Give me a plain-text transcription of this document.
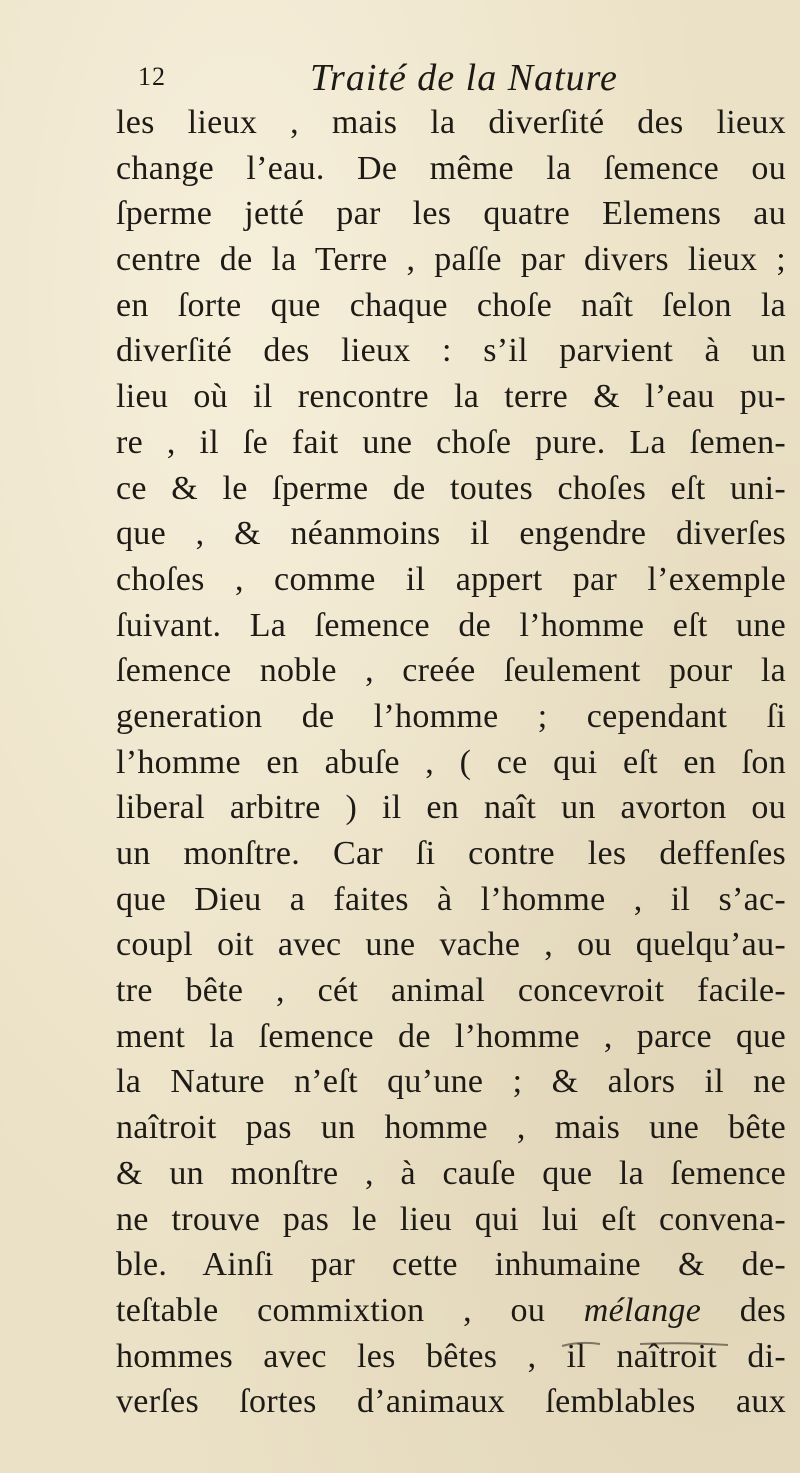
12	Traité de la Nature
les lieux , mais la diverſité des lieux
change l’eau. De même la ſemence ou
ſperme jetté par les quatre Elemens au
centre de la Terre , paſſe par divers lieux ;
en ſorte que chaque choſe naît ſelon la
diverſité des lieux : s’il parvient à un
lieu où il rencontre la terre & l’eau pu-
re , il ſe fait une choſe pure. La ſemen-
ce & le ſperme de toutes choſes eſt uni-
que , & néanmoins il engendre diverſes
choſes , comme il appert par l’exemple
ſuivant. La ſemence de l’homme eſt une
ſemence noble , creée ſeulement pour la
generation de l’homme ; cependant ſi
l’homme en abuſe , ( ce qui eſt en ſon
liberal arbitre ) il en naît un avorton ou
un monſtre. Car ſi contre les deffenſes
que Dieu a faites à l’homme , il s’ac-
coupl oit avec une vache , ou quelqu’au-
tre bête , cét animal concevroit facile-
ment la ſemence de l’homme , parce que
la Nature n’eſt qu’une ; & alors il ne
naîtroit pas un homme , mais une bête
& un monſtre , à cauſe que la ſemence
ne trouve pas le lieu qui lui eſt convena-
ble. Ainſi par cette inhumaine & de-
teſtable commixtion , ou mélange des
hommes avec les bêtes , il naîtroit di-
verſes ſortes d’animaux ſemblables aux
